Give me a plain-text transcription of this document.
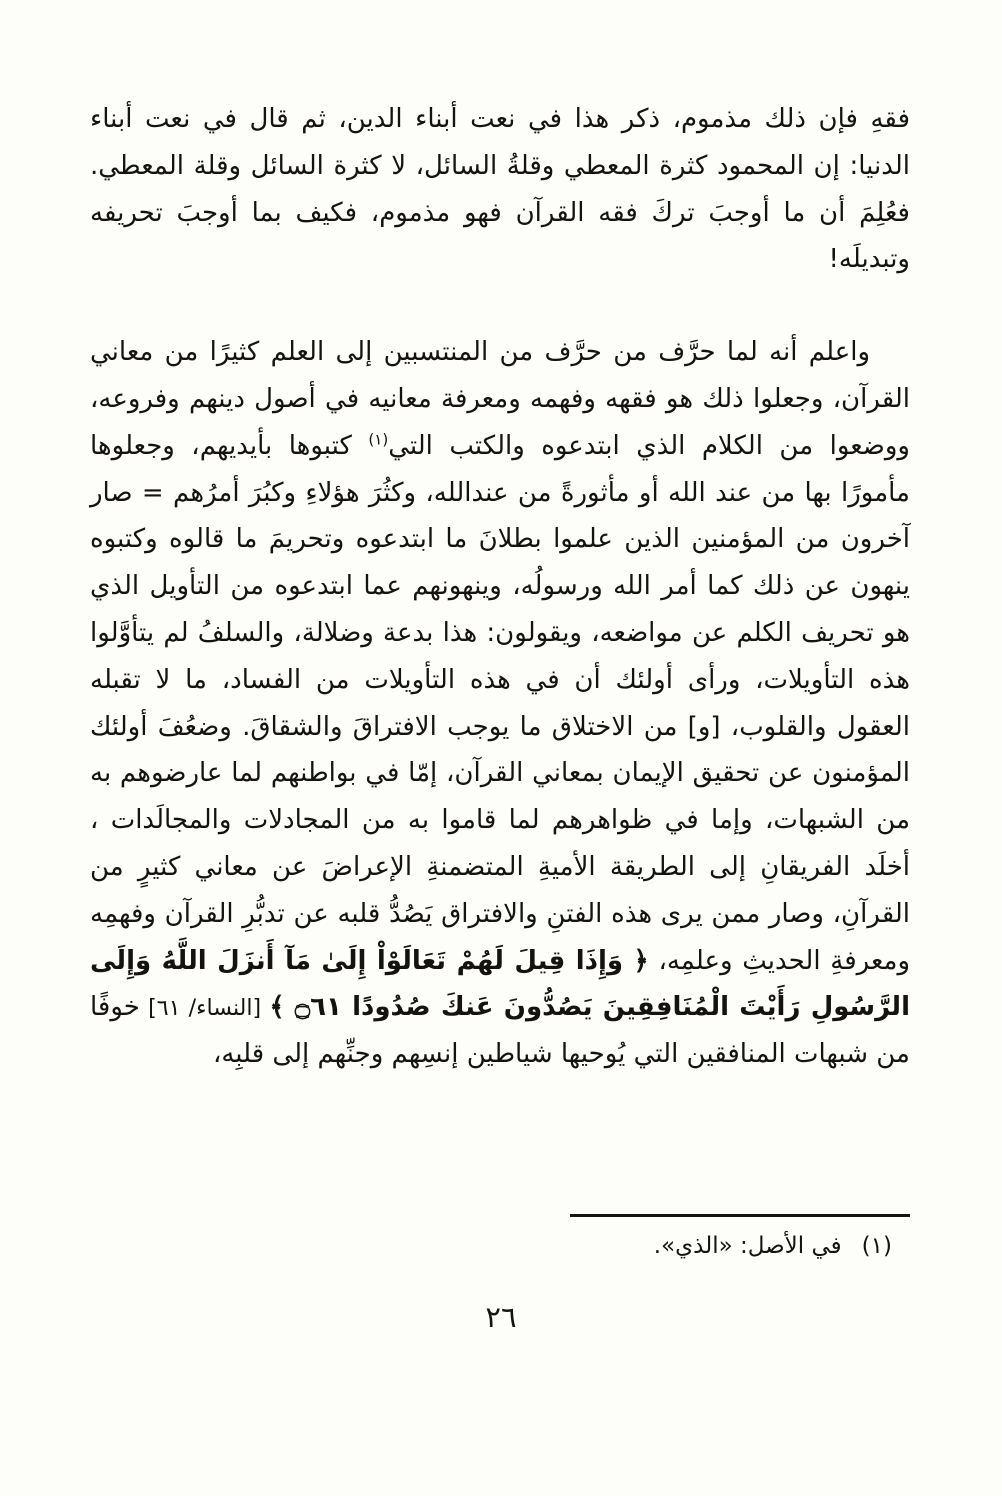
فقهِ فإن ذلك مذموم، ذكر هذا في نعت أبناء الدين، ثم قال في نعت أبناء الدنيا: إن المحمود كثرة المعطي وقلةُ السائل، لا كثرة السائل وقلة المعطي. فعُلِمَ أن ما أوجبَ تركَ فقه القرآن فهو مذموم، فكيف بما أوجبَ تحريفه وتبديلَه!

واعلم أنه لما حرَّف من حرَّف من المنتسبين إلى العلم كثيرًا من معاني القرآن، وجعلوا ذلك هو فقهه وفهمه ومعرفة معانيه في أصول دينهم وفروعه، ووضعوا من الكلام الذي ابتدعوه والكتب التي$^{(١)}$ كتبوها بأيديهم، وجعلوها مأمورًا بها من عند الله أو مأثورةً من عندالله، وكثُرَ هؤلاءِ وكبُرَ أمرُهم = صار آخرون من المؤمنين الذين علموا بطلانَ ما ابتدعوه وتحريمَ ما قالوه وكتبوه ينهون عن ذلك كما أمر الله ورسولُه، وينهونهم عما ابتدعوه من التأويل الذي هو تحريف الكلم عن مواضعه، ويقولون: هذا بدعة وضلالة، والسلفُ لم يتأوَّلوا هذه التأويلات، ورأى أولئك أن في هذه التأويلات من الفساد، ما لا تقبله العقول والقلوب، [و] من الاختلاق ما يوجب الافتراقَ والشقاقَ. وضعُفَ أولئك المؤمنون عن تحقيق الإيمان بمعاني القرآن، إمّا في بواطنهم لما عارضوهم به من الشبهات، وإما في ظواهرهم لما قاموا به من المجادلات والمجالَدات ، أخلَد الفريقانِ إلى الطريقة الأميةِ المتضمنةِ الإعراضَ عن معاني كثيرٍ من القرآنِ، وصار ممن يرى هذه الفتنِ والافتراق يَصُدُّ قلبه عن تدبُّرِ القرآن وفهمِه ومعرفةِ الحديثِ وعلمِه، ﴿ وَإِذَا قِيلَ لَهُمْ تَعَالَوْاْ إِلَىٰ مَآ أَنزَلَ اللَّهُ وَإِلَى الرَّسُولِ رَأَيْتَ الْمُنَافِقِينَ يَصُدُّونَ عَنكَ صُدُودًا ۝٦١ ﴾ [النساء/ ٦١] خوفًا من شبهات المنافقين التي يُوحيها شياطين إنسِهم وجنِّهم إلى قلبِه،

(١)في الأصل: «الذي».

٢٦
